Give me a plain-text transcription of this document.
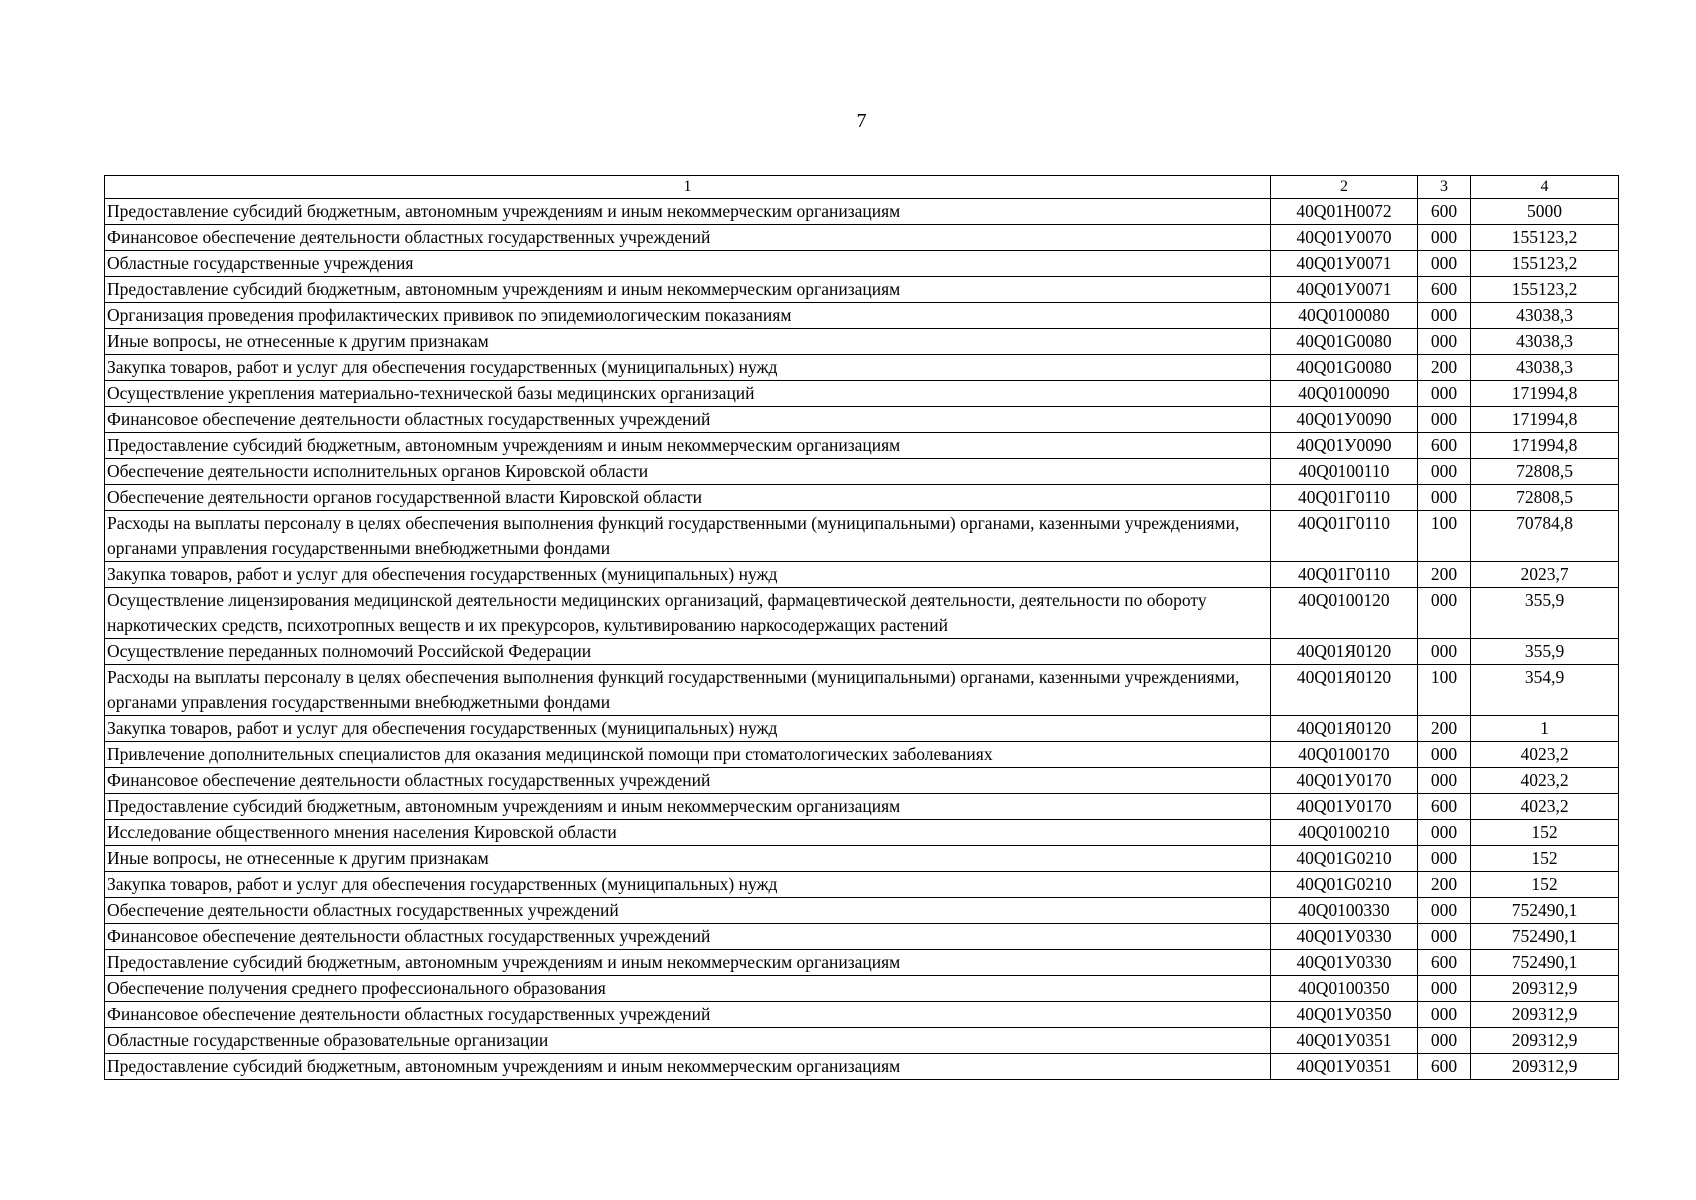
7
1	2	3	4
Предоставление субсидий бюджетным, автономным учреждениям и иным некоммерческим организациям	40Q01H0072	600	5000
Финансовое обеспечение деятельности областных государственных учреждений	40Q01У0070	000	155123,2
Областные государственные учреждения	40Q01У0071	000	155123,2
Предоставление субсидий бюджетным, автономным учреждениям и иным некоммерческим организациям	40Q01У0071	600	155123,2
Организация проведения профилактических прививок по эпидемиологическим показаниям	40Q0100080	000	43038,3
Иные вопросы, не отнесенные к другим признакам	40Q01G0080	000	43038,3
Закупка товаров, работ и услуг для обеспечения государственных (муниципальных) нужд	40Q01G0080	200	43038,3
Осуществление укрепления материально-технической базы медицинских организаций	40Q0100090	000	171994,8
Финансовое обеспечение деятельности областных государственных учреждений	40Q01У0090	000	171994,8
Предоставление субсидий бюджетным, автономным учреждениям и иным некоммерческим организациям	40Q01У0090	600	171994,8
Обеспечение деятельности исполнительных органов Кировской области	40Q0100110	000	72808,5
Обеспечение деятельности органов государственной власти Кировской области	40Q01Г0110	000	72808,5
Расходы на выплаты персоналу в целях обеспечения выполнения функций государственными (муниципальными) органами, казенными учреждениями, органами управления государственными внебюджетными фондами	40Q01Г0110	100	70784,8
Закупка товаров, работ и услуг для обеспечения государственных (муниципальных) нужд	40Q01Г0110	200	2023,7
Осуществление лицензирования медицинской деятельности медицинских организаций, фармацевтической деятельности, деятельности по обороту наркотических средств, психотропных веществ и их прекурсоров, культивированию наркосодержащих растений	40Q0100120	000	355,9
Осуществление переданных полномочий Российской Федерации	40Q01Я0120	000	355,9
Расходы на выплаты персоналу в целях обеспечения выполнения функций государственными (муниципальными) органами, казенными учреждениями, органами управления государственными внебюджетными фондами	40Q01Я0120	100	354,9
Закупка товаров, работ и услуг для обеспечения государственных (муниципальных) нужд	40Q01Я0120	200	1
Привлечение дополнительных специалистов для оказания медицинской помощи при стоматологических заболеваниях	40Q0100170	000	4023,2
Финансовое обеспечение деятельности областных государственных учреждений	40Q01У0170	000	4023,2
Предоставление субсидий бюджетным, автономным учреждениям и иным некоммерческим организациям	40Q01У0170	600	4023,2
Исследование общественного мнения населения Кировской области	40Q0100210	000	152
Иные вопросы, не отнесенные к другим признакам	40Q01G0210	000	152
Закупка товаров, работ и услуг для обеспечения государственных (муниципальных) нужд	40Q01G0210	200	152
Обеспечение деятельности областных государственных учреждений	40Q0100330	000	752490,1
Финансовое обеспечение деятельности областных государственных учреждений	40Q01У0330	000	752490,1
Предоставление субсидий бюджетным, автономным учреждениям и иным некоммерческим организациям	40Q01У0330	600	752490,1
Обеспечение получения среднего профессионального образования	40Q0100350	000	209312,9
Финансовое обеспечение деятельности областных государственных учреждений	40Q01У0350	000	209312,9
Областные государственные образовательные организации	40Q01У0351	000	209312,9
Предоставление субсидий бюджетным, автономным учреждениям и иным некоммерческим организациям	40Q01У0351	600	209312,9
